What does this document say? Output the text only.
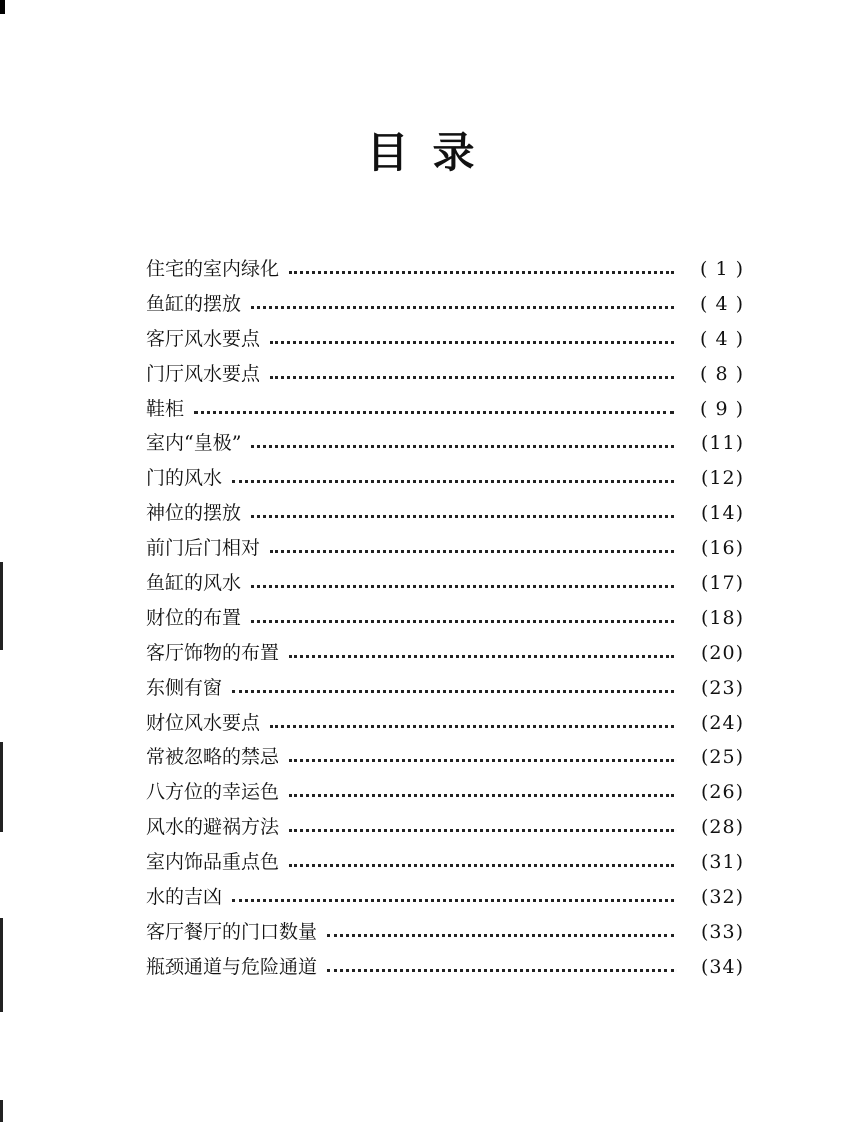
目录
住宅的室内绿化	( 1 )
鱼缸的摆放	( 4 )
客厅风水要点	( 4 )
门厅风水要点	( 8 )
鞋柜	( 9 )
室内“皇极”	(11)
门的风水	(12)
神位的摆放	(14)
前门后门相对	(16)
鱼缸的风水	(17)
财位的布置	(18)
客厅饰物的布置	(20)
东侧有窗	(23)
财位风水要点	(24)
常被忽略的禁忌	(25)
八方位的幸运色	(26)
风水的避祸方法	(28)
室内饰品重点色	(31)
水的吉凶	(32)
客厅餐厅的门口数量	(33)
瓶颈通道与危险通道	(34)
